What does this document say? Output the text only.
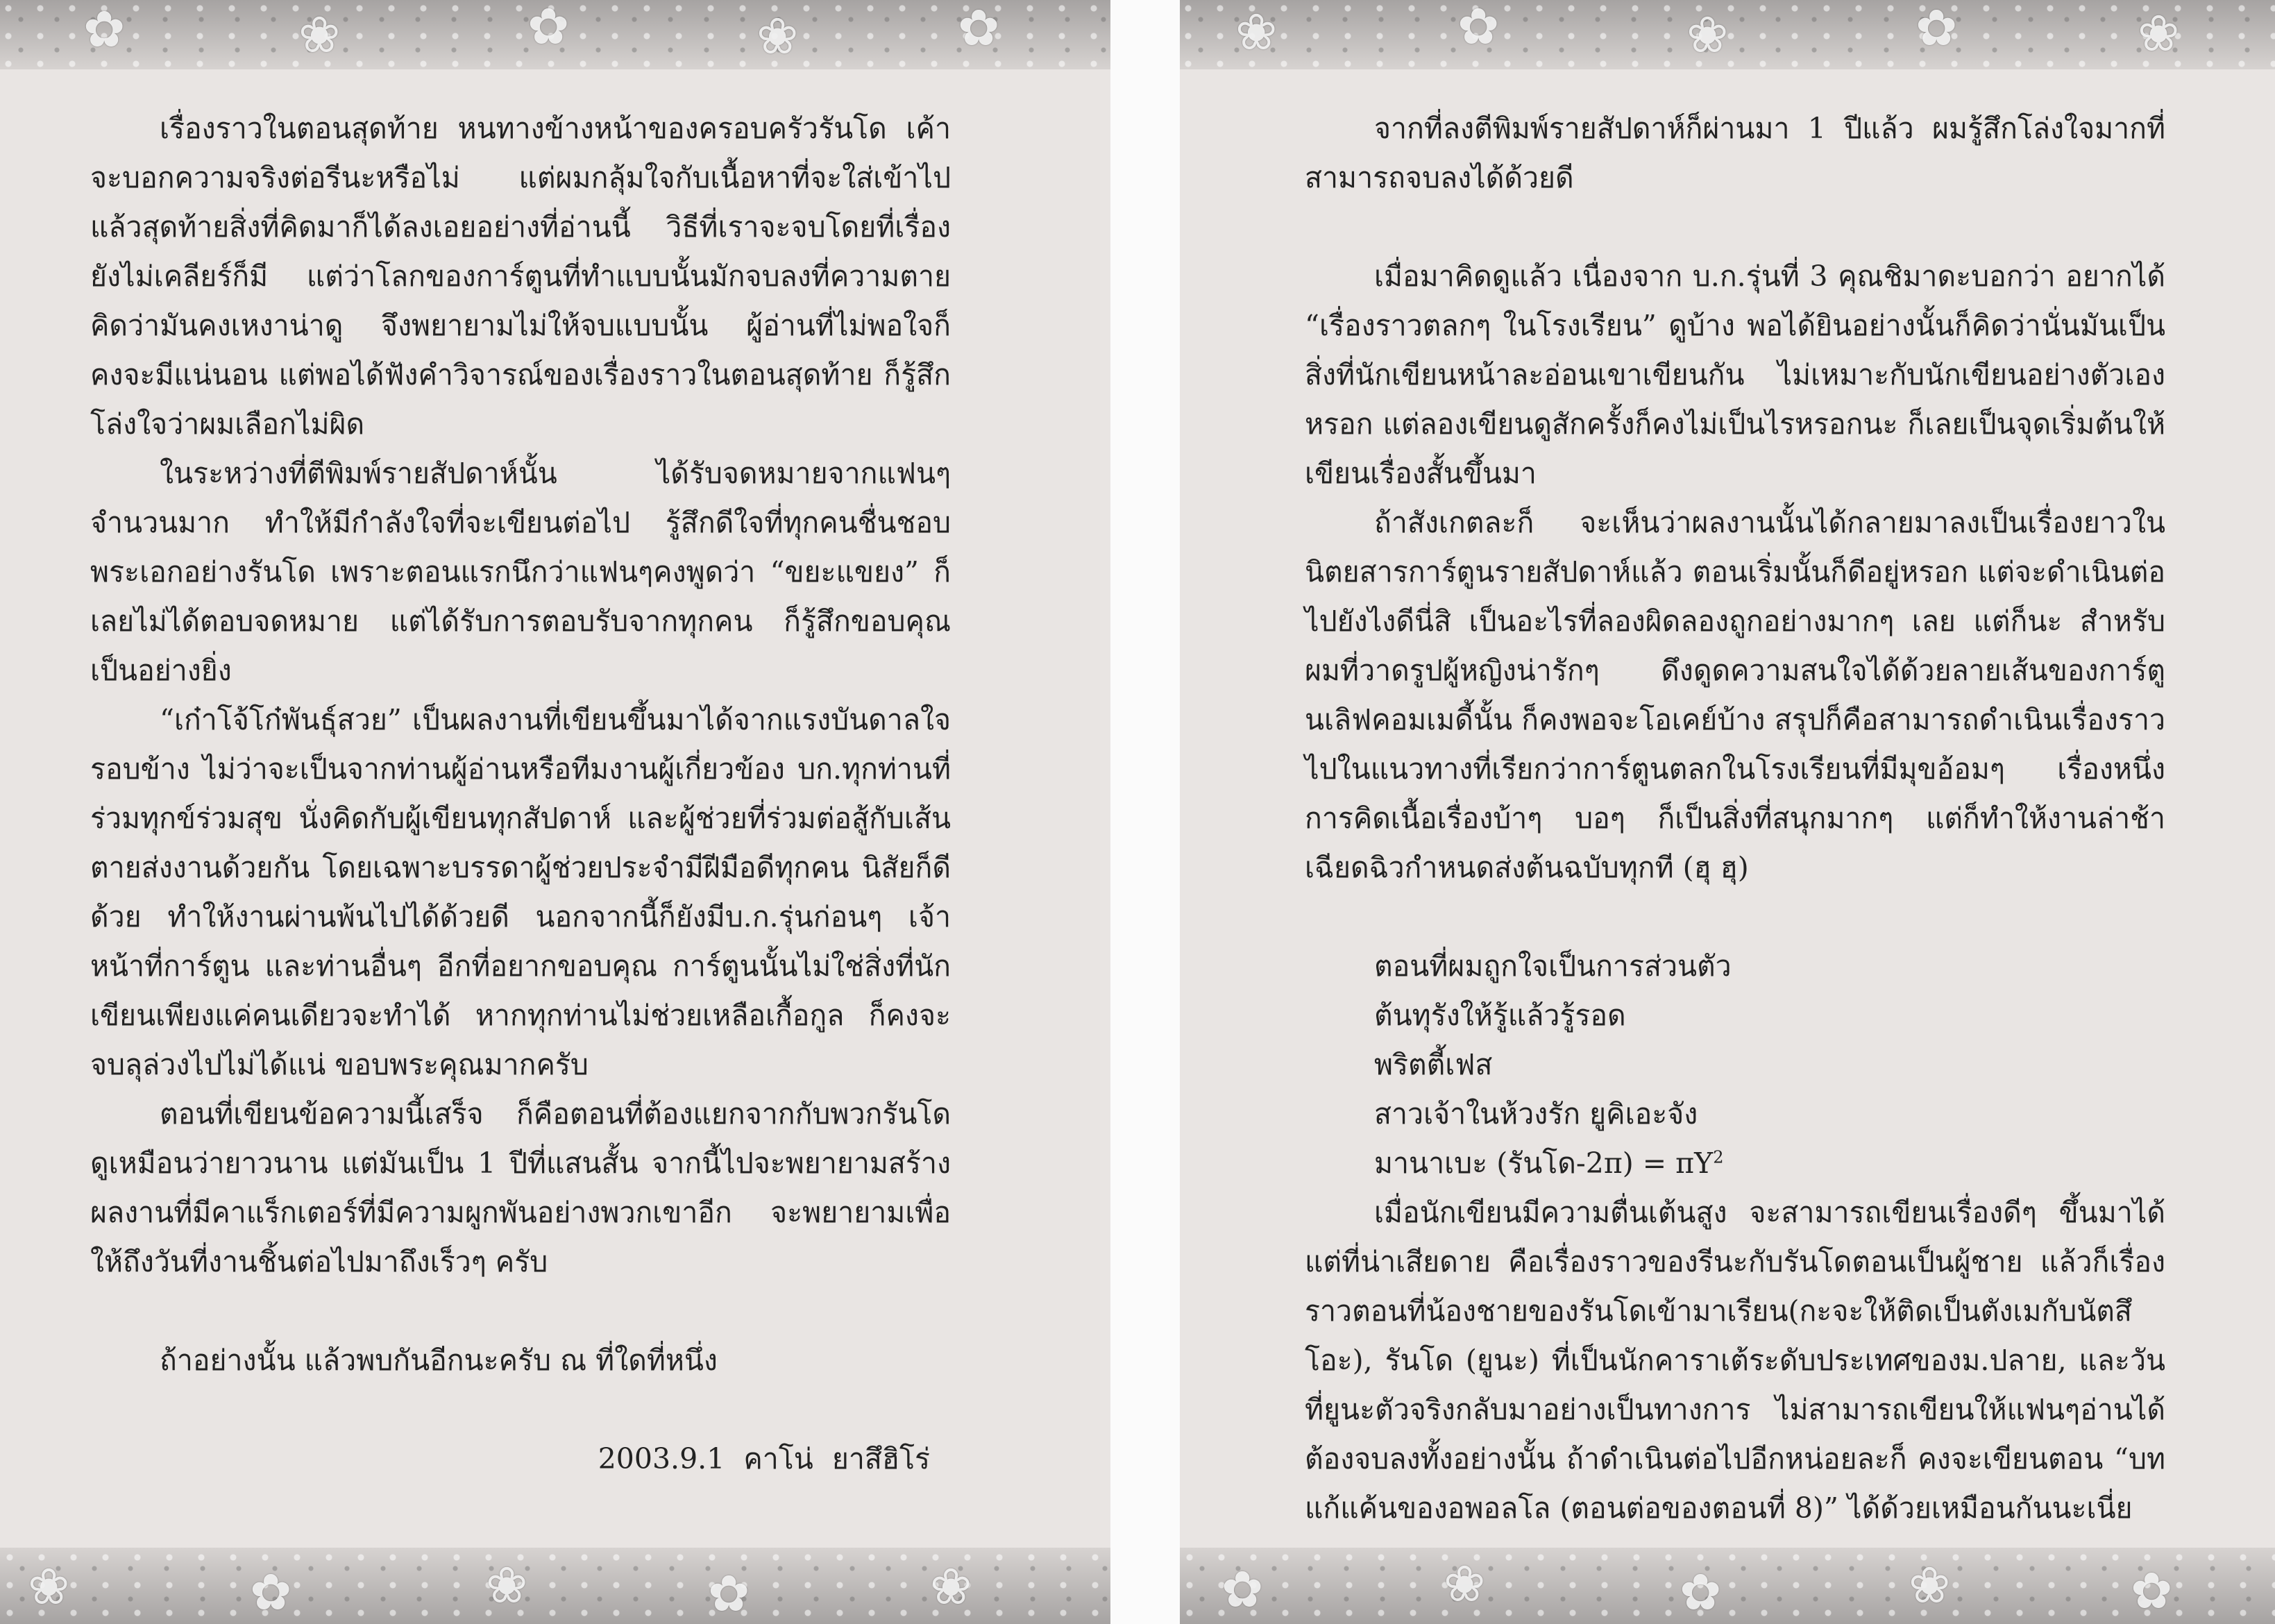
✿	❀	✿	❀	✿

เรื่องราวในตอนสุดท้าย หนทางข้างหน้าของครอบครัวรันโด เค้าจะบอกความจริงต่อรีนะหรือไม่ แต่ผมกลุ้มใจกับเนื้อหาที่จะใส่เข้าไป แล้วสุดท้ายสิ่งที่คิดมาก็ได้ลงเอยอย่างที่อ่านนี้ วิธีที่เราจะจบโดยที่เรื่องยังไม่เคลียร์ก็มี แต่ว่าโลกของการ์ตูนที่ทำแบบนั้นมักจบลงที่ความตาย คิดว่ามันคงเหงาน่าดู จึงพยายามไม่ให้จบแบบนั้น ผู้อ่านที่ไม่พอใจก็คงจะมีแน่นอน แต่พอได้ฟังคำวิจารณ์ของเรื่องราวในตอนสุดท้าย ก็รู้สึกโล่งใจว่าผมเลือกไม่ผิด

ในระหว่างที่ตีพิมพ์รายสัปดาห์นั้น ได้รับจดหมายจากแฟนๆ จำนวนมาก ทำให้มีกำลังใจที่จะเขียนต่อไป รู้สึกดีใจที่ทุกคนชื่นชอบพระเอกอย่างรันโด เพราะตอนแรกนึกว่าแฟนๆคงพูดว่า “ขยะแขยง” ก็เลยไม่ได้ตอบจดหมาย แต่ได้รับการตอบรับจากทุกคน ก็รู้สึกขอบคุณเป็นอย่างยิ่ง

“เก๋าโจ้โก๋พันธุ์สวย” เป็นผลงานที่เขียนขึ้นมาได้จากแรงบันดาลใจรอบข้าง ไม่ว่าจะเป็นจากท่านผู้อ่านหรือทีมงานผู้เกี่ยวข้อง บก.ทุกท่านที่ร่วมทุกข์ร่วมสุข นั่งคิดกับผู้เขียนทุกสัปดาห์ และผู้ช่วยที่ร่วมต่อสู้กับเส้นตายส่งงานด้วยกัน โดยเฉพาะบรรดาผู้ช่วยประจำมีฝีมือดีทุกคน นิสัยก็ดีด้วย ทำให้งานผ่านพ้นไปได้ด้วยดี นอกจากนี้ก็ยังมีบ.ก.รุ่นก่อนๆ เจ้าหน้าที่การ์ตูน และท่านอื่นๆ อีกที่อยากขอบคุณ การ์ตูนนั้นไม่ใช่สิ่งที่นักเขียนเพียงแค่คนเดียวจะทำได้ หากทุกท่านไม่ช่วยเหลือเกื้อกูล ก็คงจะจบลุล่วงไปไม่ได้แน่ ขอบพระคุณมากครับ

ตอนที่เขียนข้อความนี้เสร็จ ก็คือตอนที่ต้องแยกจากกับพวกรันโด ดูเหมือนว่ายาวนาน แต่มันเป็น 1 ปีที่แสนสั้น จากนี้ไปจะพยายามสร้างผลงานที่มีคาแร็กเตอร์ที่มีความผูกพันอย่างพวกเขาอีก จะพยายามเพื่อให้ถึงวันที่งานชิ้นต่อไปมาถึงเร็วๆ ครับ

ถ้าอย่างนั้น แล้วพบกันอีกนะครับ ณ ที่ใดที่หนึ่ง

2003.9.1 คาโน่ ยาสึฮิโร่
❀	✿	❀	✿	❀
❀	✿	❀	✿	❀

จากที่ลงตีพิมพ์รายสัปดาห์ก็ผ่านมา 1 ปีแล้ว ผมรู้สึกโล่งใจมากที่สามารถจบลงได้ด้วยดี

เมื่อมาคิดดูแล้ว เนื่องจาก บ.ก.รุ่นที่ 3 คุณชิมาดะบอกว่า อยากได้ “เรื่องราวตลกๆ ในโรงเรียน” ดูบ้าง พอได้ยินอย่างนั้นก็คิดว่านั่นมันเป็นสิ่งที่นักเขียนหน้าละอ่อนเขาเขียนกัน ไม่เหมาะกับนักเขียนอย่างตัวเองหรอก แต่ลองเขียนดูสักครั้งก็คงไม่เป็นไรหรอกนะ ก็เลยเป็นจุดเริ่มต้นให้เขียนเรื่องสั้นขึ้นมา

ถ้าสังเกตละก็ จะเห็นว่าผลงานนั้นได้กลายมาลงเป็นเรื่องยาวในนิตยสารการ์ตูนรายสัปดาห์แล้ว ตอนเริ่มนั้นก็ดีอยู่หรอก แต่จะดำเนินต่อไปยังไงดีนี่สิ เป็นอะไรที่ลองผิดลองถูกอย่างมากๆ เลย แต่ก็นะ สำหรับผมที่วาดรูปผู้หญิงน่ารักๆ ดึงดูดความสนใจได้ด้วยลายเส้นของการ์ตูนเลิฟคอมเมดี้นั้น ก็คงพอจะโอเคย์บ้าง สรุปก็คือสามารถดำเนินเรื่องราวไปในแนวทางที่เรียกว่าการ์ตูนตลกในโรงเรียนที่มีมุขอ้อมๆ เรื่องหนึ่ง การคิดเนื้อเรื่องบ้าๆ บอๆ ก็เป็นสิ่งที่สนุกมากๆ แต่ก็ทำให้งานล่าช้า เฉียดฉิวกำหนดส่งต้นฉบับทุกที (ฮุ ฮุ)

ตอนที่ผมถูกใจเป็นการส่วนตัว
ต้นทุรังให้รู้แล้วรู้รอด
พริตตี้เฟส
สาวเจ้าในห้วงรัก ยูคิเอะจัง
มานาเบะ (รันโด$-2\pi) = \pi Y^2$

เมื่อนักเขียนมีความตื่นเต้นสูง จะสามารถเขียนเรื่องดีๆ ขึ้นมาได้ แต่ที่น่าเสียดาย คือเรื่องราวของรีนะกับรันโดตอนเป็นผู้ชาย แล้วก็เรื่องราวตอนที่น้องชายของรันโดเข้ามาเรียน(กะจะให้ติดเป็นตังเมกับนัตสึโอะ), รันโด (ยูนะ) ที่เป็นนักคาราเต้ระดับประเทศของม.ปลาย, และวันที่ยูนะตัวจริงกลับมาอย่างเป็นทางการ ไม่สามารถเขียนให้แฟนๆอ่านได้ ต้องจบลงทั้งอย่างนั้น ถ้าดำเนินต่อไปอีกหน่อยละก็ คงจะเขียนตอน “บทแก้แค้นของอพอลโล (ตอนต่อของตอนที่ 8)” ได้ด้วยเหมือนกันนะเนี่ย

✿	❀	✿	❀	✿
